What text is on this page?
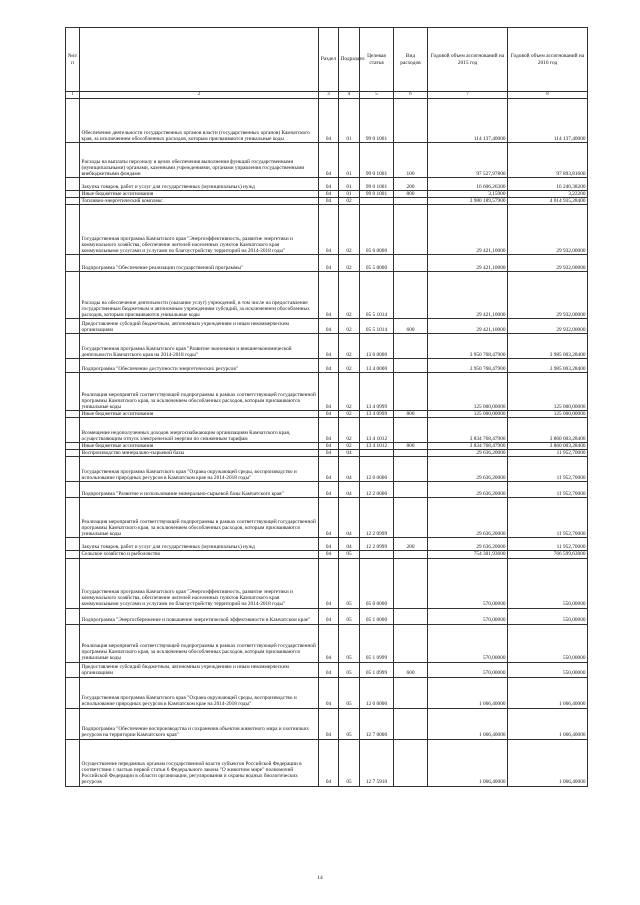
№п/п		Раздел	Подраздел	Целевая статья	Вид расходов	Годовой объем ассигнований на 2015 год	Годовой объем ассигнований на 2016 год
1	2	3	4	5	6	7	8
	Обеспечение деятельности государственных органов власти (государственных органов) Камчатского края, за исключением обособленных расходов, которым присваиваются уникальные коды	04	01	99 0 1001		114 137,40000	114 137,40000
	Расходы на выплаты персоналу в целях обеспечения выполнения функций государственными (муниципальными) органами, казенными учреждениями, органами управления государственными внебюджетными фондами	04	01	99 0 1001	100	97 527,97800	97 893,81600
	Закупка товаров, работ и услуг для государственных (муниципальных) нужд	04	01	99 0 1001	200	16 606,26300	16 240,38200
	Иные бюджетные ассигнования	04	01	99 0 1001	800	3,15900	3,22200
	Топливно-энергетический комплекс	04	02			3 980 189,57900	4 014 935,28400
	Государственная программа Камчатского края "Энергоэффективность, развитие энергетики и коммунального хозяйства, обеспечение жителей населенных пунктов Камчатского края коммунальными услугами и услугами по благоустройству территорий на 2014-2018 годы"	04	02	05 0 0000		29 421,10000	29 932,00000
	Подпрограмма "Обеспечение реализации государственной программы"	04	02	05 5 0000		29 421,10000	29 932,00000
	Расходы на обеспечение деятельности (оказание услуг) учреждений, в том числе на предоставление государственным бюджетным и автономным учреждениям субсидий, за исключением обособленных расходов, которым присваиваются уникальные коды	04	02	05 5 1014		29 421,10000	29 932,00000
	Предоставление субсидий бюджетным, автономным учреждениям и иным некоммерческим организациям	04	02	05 5 1014	600	29 421,10000	29 932,00000
	Государственная программа Камчатского края "Развитие экономики и внешнеэкономической деятельности Камчатского края на 2014-2018 годы"	04	02	13 0 0000		3 950 768,47900	3 985 003,28400
	Подпрограмма "Обеспечение доступности энергетических ресурсов"	04	02	13 4 0000		3 950 768,47900	3 985 003,28400
	Реализация мероприятий соответствующей подпрограммы в рамках соответствующей государственной программы Камчатского края, за исключением обособленных расходов, которым присваиваются уникальные коды	04	02	13 4 0999		125 000,00000	125 000,00000
	Иные бюджетные ассигнования	04	02	13 4 0999	800	125 000,00000	125 000,00000
	Возмещение недополученных доходов энергоснабжающим организациям Камчатского края, осуществляющим отпуск электрической энергии по сниженным тарифам	04	02	13 4 1012		3 834 768,47900	3 860 003,28400
	Иные бюджетные ассигнования	04	02	13 4 1012	800	3 834 768,47900	3 860 003,28400
	Воспроизводство минерально-сырьевой базы	04	04			29 636,20000	11 952,70000
	Государственная программа Камчатского края "Охрана окружающей среды, воспроизводство и использование природных ресурсов в Камчатском крае на 2014-2018 годы"	04	04	12 0 0000		29 636,20000	11 952,70000
	Подпрограмма "Развитие и использование минерально-сырьевой базы Камчатского края"	04	04	12 2 0000		29 636,20000	11 952,70000
	Реализация мероприятий соответствующей подпрограммы в рамках соответствующей государственной программы Камчатского края, за исключением обособленных расходов, которым присваиваются уникальные коды	04	04	12 2 0999		29 636,20000	11 952,70000
	Закупка товаров, работ и услуг для государственных (муниципальных) нужд	04	04	12 2 0999	200	29 636,20000	11 952,70000
	Сельское хозяйство и рыболовство	04	05			754 301,93600	766 599,63000
	Государственная программа Камчатского края "Энергоэффективность, развитие энергетики и коммунального хозяйства, обеспечение жителей населенных пунктов Камчатского края коммунальными услугами и услугами по благоустройству территорий на 2014-2018 годы"	04	05	05 0 0000		570,00000	550,00000
	Подпрограмма "Энергосбережение и повышение энергетической эффективности в Камчатском крае"	04	05	05 1 0000		570,00000	550,00000
	Реализация мероприятий соответствующей подпрограммы в рамках соответствующей государственной программы Камчатского края, за исключением обособленных расходов, которым присваиваются уникальные коды	04	05	05 1 0999		570,00000	550,00000
	Предоставление субсидий бюджетным, автономным учреждениям и иным некоммерческим организациям	04	05	05 1 0999	600	570,00000	550,00000
	Государственная программа Камчатского края "Охрана окружающей среды, воспроизводство и использование природных ресурсов в Камчатском крае на 2014-2018 годы"	04	05	12 0 0000		1 066,40000	1 066,40000
	Подпрограмма "Обеспечение воспроизводства и сохранения объектов животного мира и охотничьих ресурсов на территории Камчатского края"	04	05	12 7 0000		1 066,40000	1 066,40000
	Осуществление переданных органам государственной власти субъектов Российской Федерации в соответствии с частью первой статьи 6 Федерального закона "О животном мире" полномочий Российской Федерации в области организации, регулирования и охраны водных биологических ресурсов	04	05	12 7 5910		1 066,40000	1 066,40000
14
